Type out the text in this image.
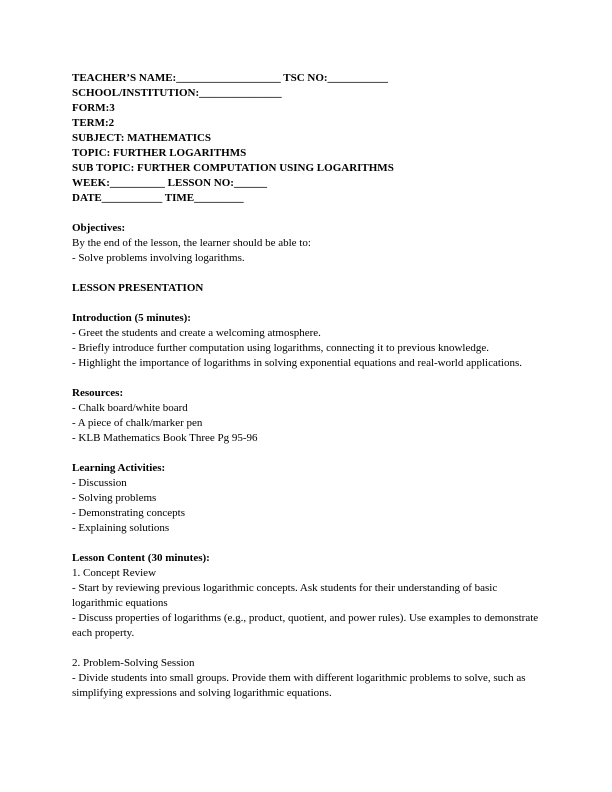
TEACHER’S NAME:___________________ TSC NO:___________
SCHOOL/INSTITUTION:_______________
FORM:3
TERM:2
SUBJECT: MATHEMATICS
TOPIC: FURTHER LOGARITHMS
SUB TOPIC: FURTHER COMPUTATION USING LOGARITHMS
WEEK:__________ LESSON NO:______
DATE___________ TIME_________
Objectives:
By the end of the lesson, the learner should be able to:
- Solve problems involving logarithms.
LESSON PRESENTATION
Introduction (5 minutes):
- Greet the students and create a welcoming atmosphere.
- Briefly introduce further computation using logarithms, connecting it to previous knowledge.
- Highlight the importance of logarithms in solving exponential equations and real-world applications.
Resources:
- Chalk board/white board
- A piece of chalk/marker pen
- KLB Mathematics Book Three Pg 95-96
Learning Activities:
- Discussion
- Solving problems
- Demonstrating concepts
- Explaining solutions
Lesson Content (30 minutes):
1. Concept Review
- Start by reviewing previous logarithmic concepts. Ask students for their understanding of basic logarithmic equations
- Discuss properties of logarithms (e.g., product, quotient, and power rules). Use examples to demonstrate each property.
2. Problem-Solving Session
- Divide students into small groups. Provide them with different logarithmic problems to solve, such as simplifying expressions and solving logarithmic equations.
